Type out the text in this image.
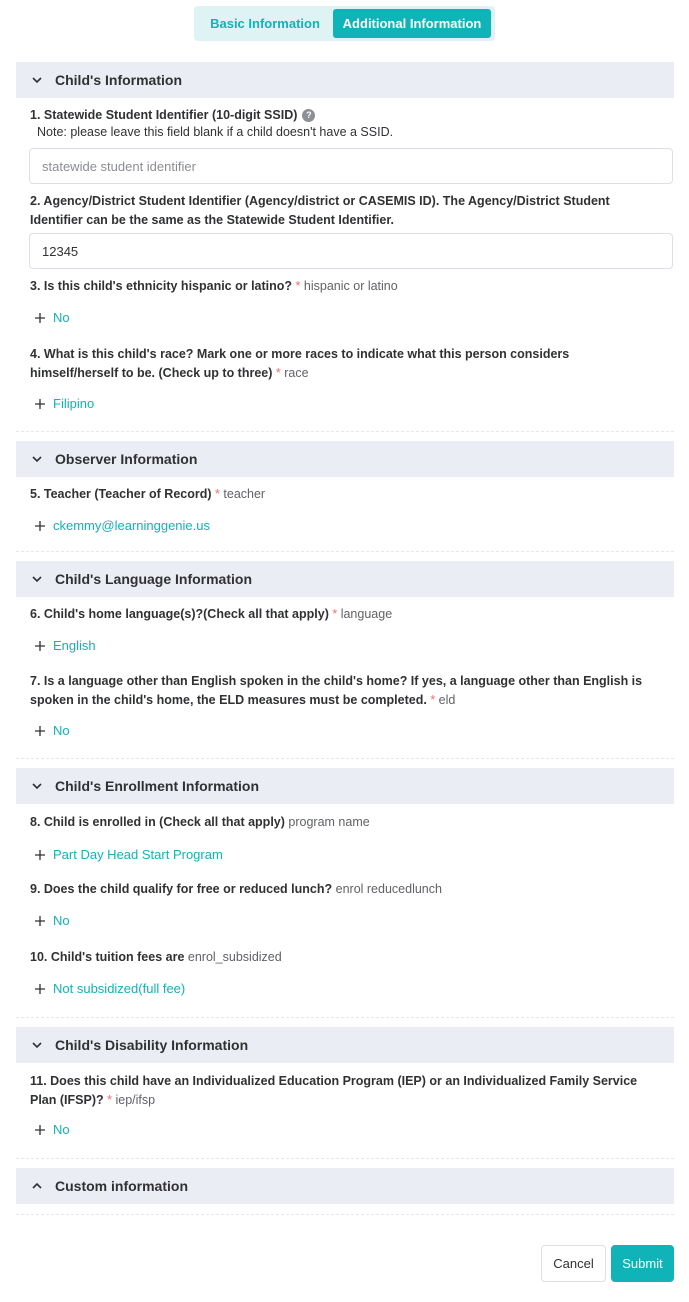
Basic Information	Additional Information
Child's Information
1. Statewide Student Identifier (10-digit SSID) ?
Note: please leave this field blank if a child doesn't have a SSID.
statewide student identifier
2. Agency/District Student Identifier (Agency/district or CASEMIS ID). The Agency/District Student Identifier can be the same as the Statewide Student Identifier.
12345
3. Is this child's ethnicity hispanic or latino? * hispanic or latino
No
4. What is this child's race? Mark one or more races to indicate what this person considers himself/herself to be. (Check up to three) * race
Filipino
Observer Information
5. Teacher (Teacher of Record) * teacher
ckemmy@learninggenie.us
Child's Language Information
6. Child's home language(s)?(Check all that apply) * language
English
7. Is a language other than English spoken in the child's home? If yes, a language other than English is spoken in the child's home, the ELD measures must be completed. * eld
No
Child's Enrollment Information
8. Child is enrolled in (Check all that apply) program name
Part Day Head Start Program
9. Does the child qualify for free or reduced lunch? enrol reducedlunch
No
10. Child's tuition fees are enrol_subsidized
Not subsidized(full fee)
Child's Disability Information
11. Does this child have an Individualized Education Program (IEP) or an Individualized Family Service Plan (IFSP)? * iep/ifsp
No
Custom information
Cancel	Submit
